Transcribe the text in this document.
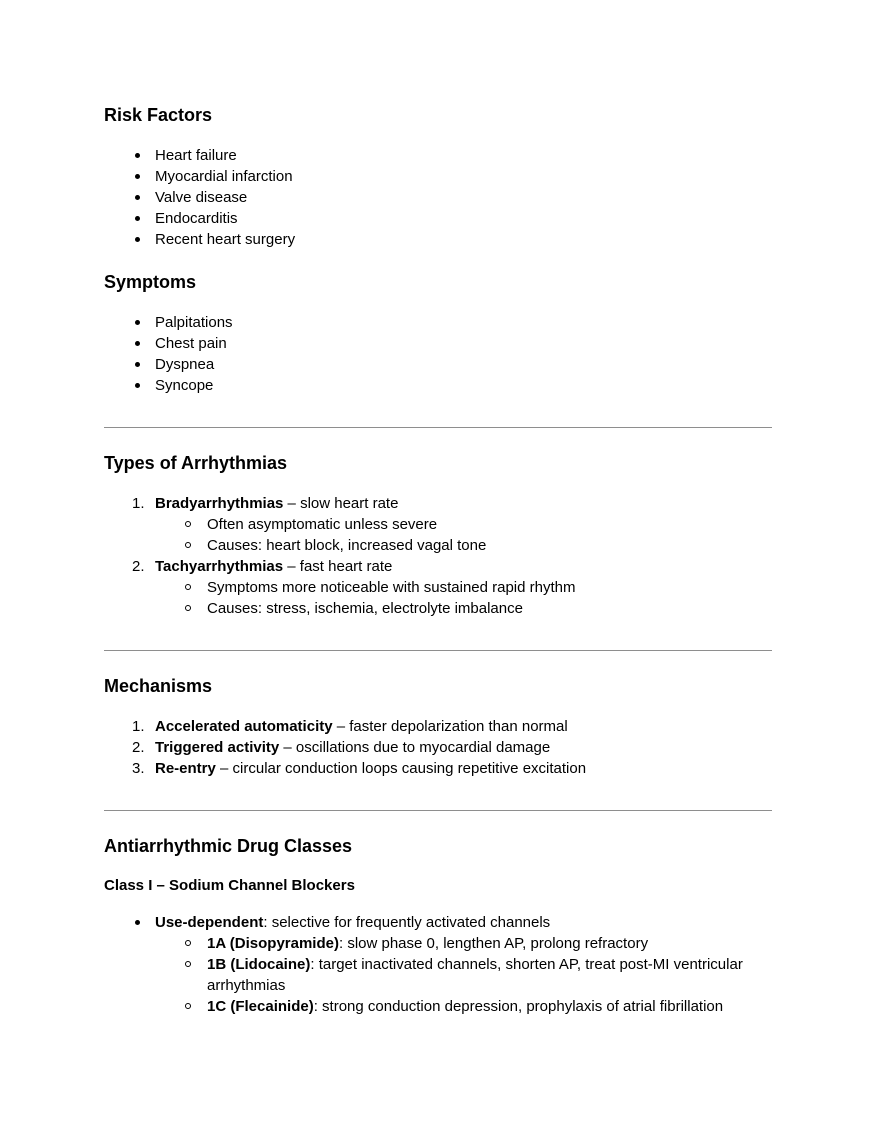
Risk Factors
Heart failure
Myocardial infarction
Valve disease
Endocarditis
Recent heart surgery
Symptoms
Palpitations
Chest pain
Dyspnea
Syncope
Types of Arrhythmias
Bradyarrhythmias – slow heart rate
Often asymptomatic unless severe
Causes: heart block, increased vagal tone
Tachyarrhythmias – fast heart rate
Symptoms more noticeable with sustained rapid rhythm
Causes: stress, ischemia, electrolyte imbalance
Mechanisms
Accelerated automaticity – faster depolarization than normal
Triggered activity – oscillations due to myocardial damage
Re-entry – circular conduction loops causing repetitive excitation
Antiarrhythmic Drug Classes
Class I – Sodium Channel Blockers
Use-dependent: selective for frequently activated channels
1A (Disopyramide): slow phase 0, lengthen AP, prolong refractory
1B (Lidocaine): target inactivated channels, shorten AP, treat post-MI ventricular arrhythmias
1C (Flecainide): strong conduction depression, prophylaxis of atrial fibrillation
